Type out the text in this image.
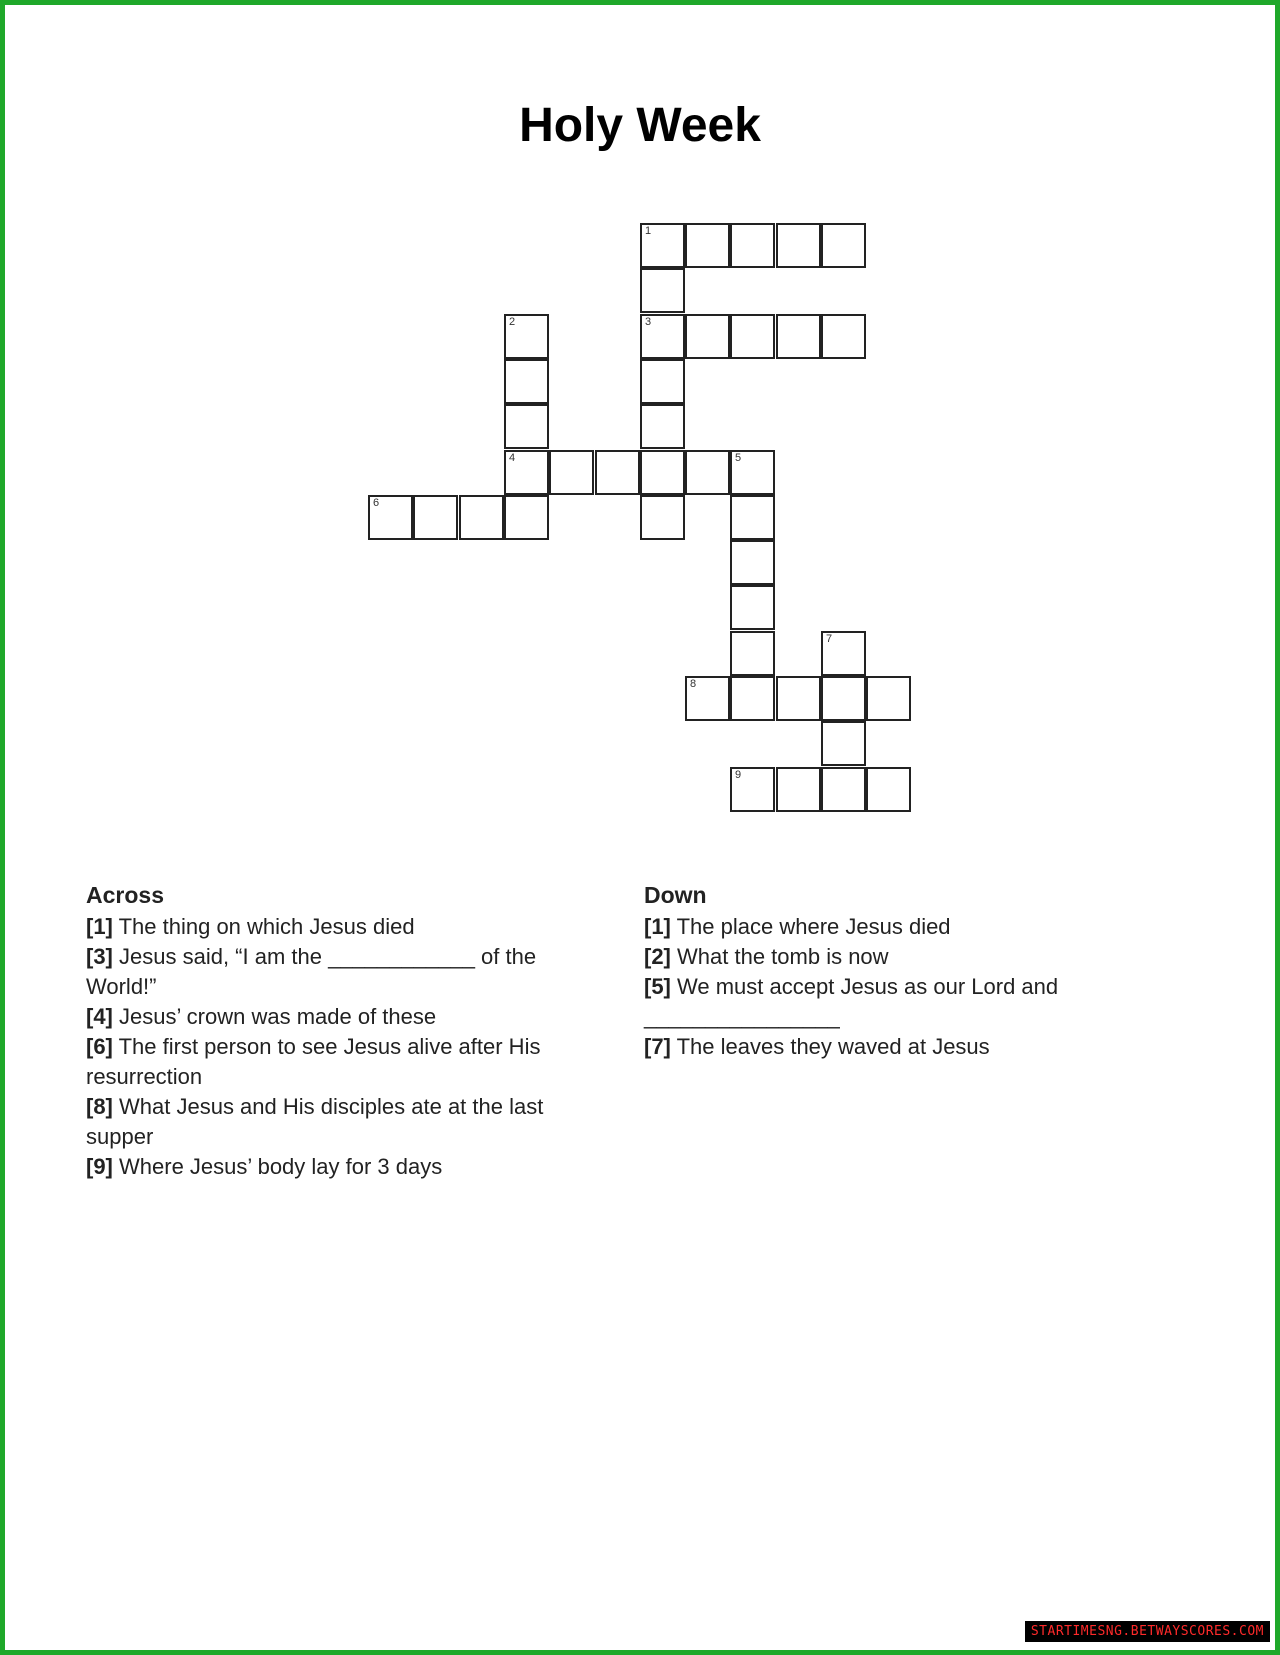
Holy Week
1
2	3
4	5
6
7
8
9
Across

[1] The thing on which Jesus died

[3] Jesus said, “I am the ____________ of the World!”

[4] Jesus’ crown was made of these

[6] The first person to see Jesus alive after His resurrection

[8] What Jesus and His disciples ate at the last supper

[9] Where Jesus’ body lay for 3 days

Down

[1] The place where Jesus died

[2] What the tomb is now

[5] We must accept Jesus as our Lord and ________________

[7] The leaves they waved at Jesus

STARTIMESNG.BETWAYSCORES.COM
